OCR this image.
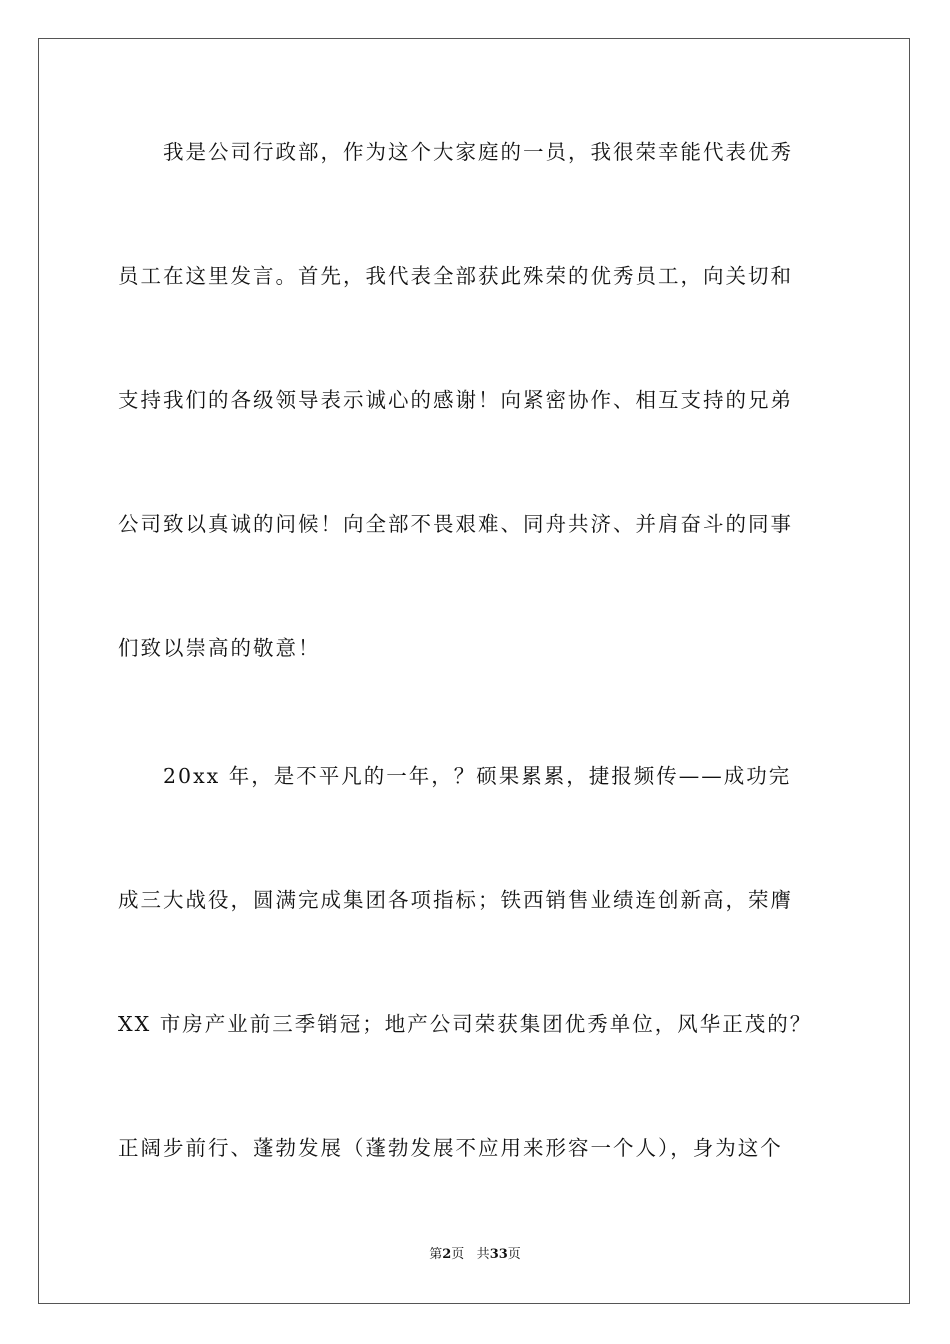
我是公司行政部，作为这个大家庭的一员，我很荣幸能代表优秀
员工在这里发言。首先，我代表全部获此殊荣的优秀员工，向关切和
支持我们的各级领导表示诚心的感谢！向紧密协作、相互支持的兄弟
公司致以真诚的问候！向全部不畏艰难、同舟共济、并肩奋斗的同事
们致以崇高的敬意！
20xx 年，是不平凡的一年，？硕果累累，捷报频传——成功完
成三大战役，圆满完成集团各项指标；铁西销售业绩连创新高，荣膺
XX 市房产业前三季销冠；地产公司荣获集团优秀单位，风华正茂的？
正阔步前行、蓬勃发展（蓬勃发展不应用来形容一个人），身为这个
第2页 共33页
